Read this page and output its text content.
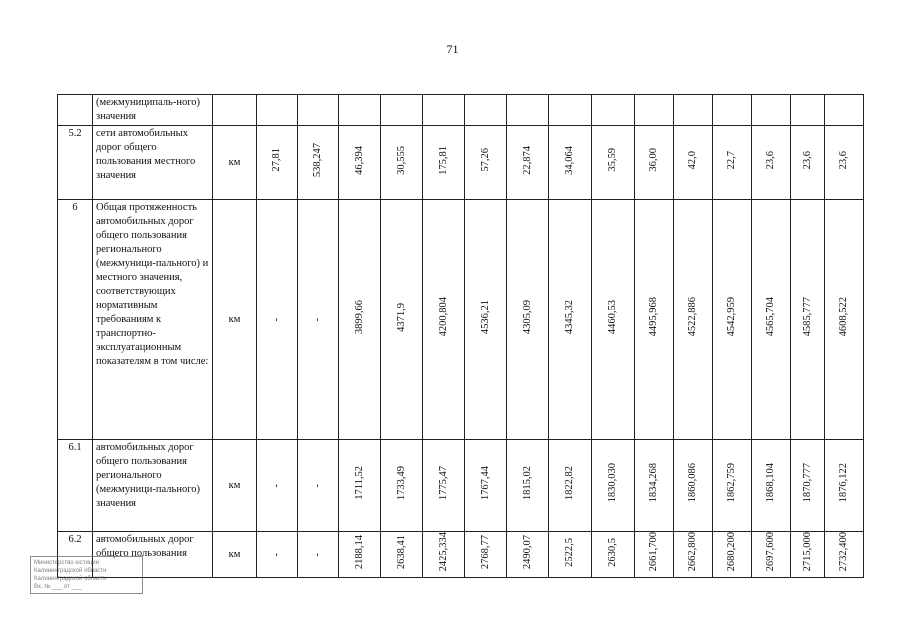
71
	(межмуниципаль-ного) значения																
5.2	сети автомобильных дорог общего пользования местного значения	км	27,81	538,247	46,394	30,555	175,81	57,26	22,874	34,064	35,59	36,00	42,0	22,7	23,6	23,6	23,6
6	Общая протяженность автомобильных дорог общего пользования регионального (межмуници-пального) и местного значения, соответствующих нормативным требованиям к транспортно-эксплуатационным показателям в том числе:	км	-	-	3899,66	4371,9	4200,804	4536,21	4305,09	4345,32	4460,53	4495,968	4522,886	4542,959	4565,704	4585,777	4608,522
6.1	автомобильных дорог общего пользования регионального (межмуници-пального) значения	км	-	-	1711,52	1733,49	1775,47	1767,44	1815,02	1822,82	1830,030	1834,268	1860,086	1862,759	1868,104	1870,777	1876,122
6.2	автомобильных дорог общего пользования	км	-	-	2188,14	2638,41	2425,334	2768,77	2490,07	2522,5	2630,5	2661,700	2662,800	2680,200	2697,600	2715,000	2732,400
Министерство юстиции
Калининградской области
Калининградской области
Вх. № ___ от ___
